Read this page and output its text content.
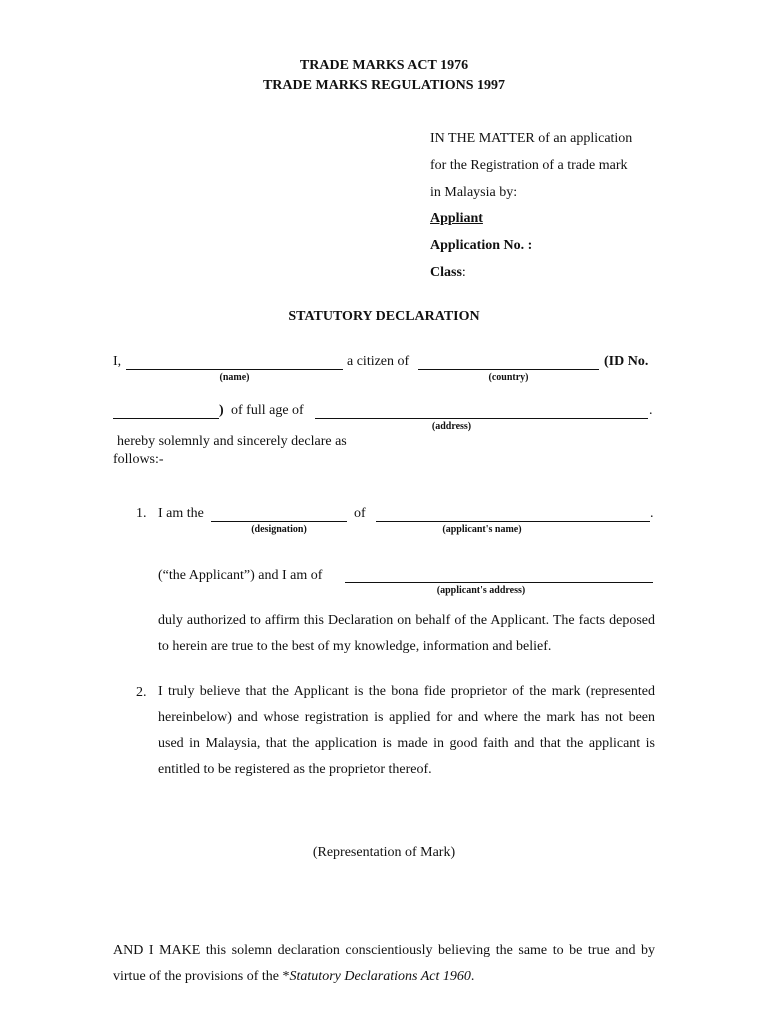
TRADE MARKS ACT 1976
TRADE MARKS REGULATIONS 1997
IN THE MATTER of an application
for the Registration of a trade mark
in Malaysia by:
Appliant
Application No. :
Class:
STATUTORY DECLARATION
I,	a citizen of	(ID No.
(name)	(country)
) of full age of	.
(address)
hereby solemnly and sincerely declare as
follows:-
1. I am the	of	.
(designation)	(applicant's name)
(“the Applicant”) and I am of
(applicant's address)
duly authorized to affirm this Declaration on behalf of the Applicant. The facts deposed to herein are true to the best of my knowledge, information and belief.
2. I truly believe that the Applicant is the bona fide proprietor of the mark (represented hereinbelow) and whose registration is applied for and where the mark has not been used in Malaysia, that the application is made in good faith and that the applicant is entitled to be registered as the proprietor thereof.
(Representation of Mark)
AND I MAKE this solemn declaration conscientiously believing the same to be true and by virtue of the provisions of the *Statutory Declarations Act 1960.
